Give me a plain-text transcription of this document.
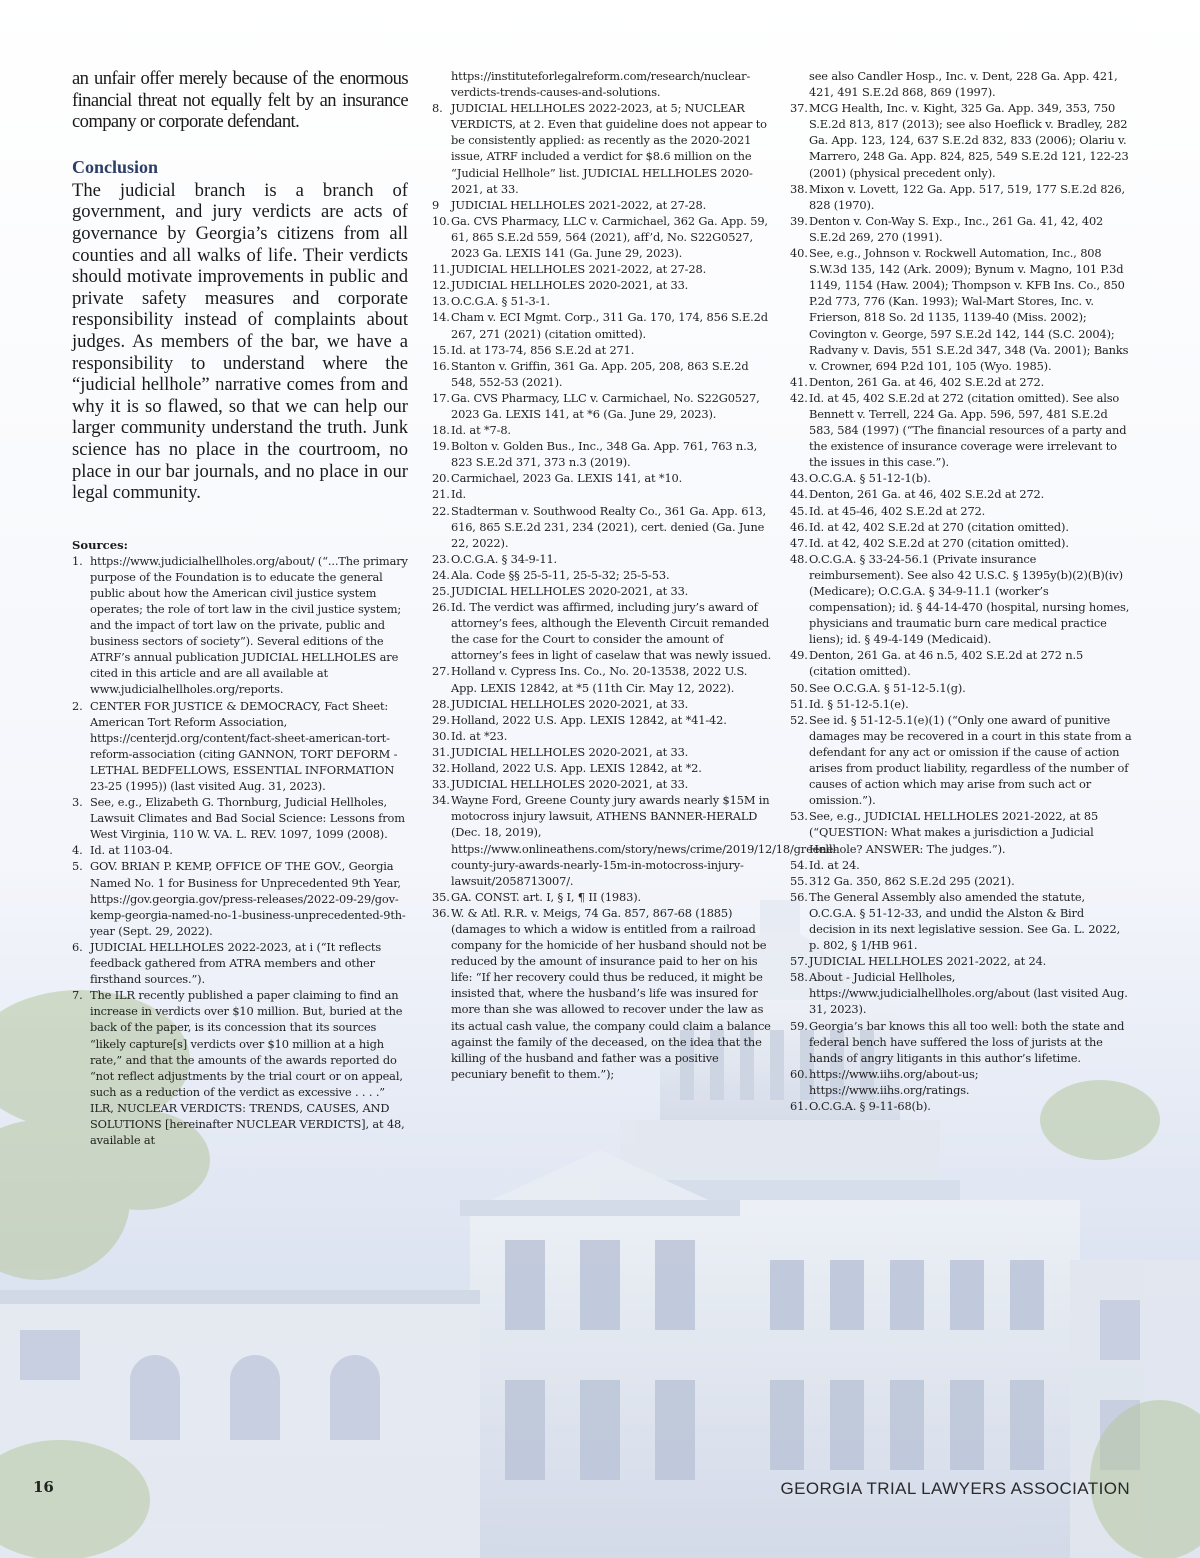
an unfair offer merely because of the enormous financial threat not equally felt by an insurance company or corporate defendant.

Conclusion

The judicial branch is a branch of government, and jury verdicts are acts of governance by Georgia’s citizens from all counties and all walks of life. Their verdicts should motivate improvements in public and private safety measures and corporate responsibility instead of complaints about judges. As members of the bar, we have a responsibility to understand where the “judicial hellhole” narrative comes from and why it is so flawed, so that we can help our larger community understand the truth. Junk science has no place in the courtroom, no place in our bar journals, and no place in our legal community.

Sources:
1. https://www.judicialhellholes.org/about/ (“...The primary purpose of the Foundation is to educate the general public about how the American civil justice system operates; the role of tort law in the civil justice system; and the impact of tort law on the private, public and business sectors of society”). Several editions of the ATRF’s annual publication JUDICIAL HELLHOLES are cited in this article and are all available at www.judicialhellholes.org/reports.
2. CENTER FOR JUSTICE & DEMOCRACY, Fact Sheet: American Tort Reform Association, https://centerjd.org/content/fact-sheet-american-tort-reform-association (citing GANNON, TORT DEFORM - LETHAL BEDFELLOWS, ESSENTIAL INFORMATION 23-25 (1995)) (last visited Aug. 31, 2023).
3. See, e.g., Elizabeth G. Thornburg, Judicial Hellholes, Lawsuit Climates and Bad Social Science: Lessons from West Virginia, 110 W. VA. L. REV. 1097, 1099 (2008).
4. Id. at 1103-04.
5. GOV. BRIAN P. KEMP, OFFICE OF THE GOV., Georgia Named No. 1 for Business for Unprecedented 9th Year, https://gov.georgia.gov/press-releases/2022-09-29/gov-kemp-georgia-named-no-1-business-unprecedented-9th-year (Sept. 29, 2022).
6. JUDICIAL HELLHOLES 2022-2023, at i (“It reflects feedback gathered from ATRA members and other firsthand sources.”).
7. The ILR recently published a paper claiming to find an increase in verdicts over $10 million. But, buried at the back of the paper, is its concession that its sources “likely capture[s] verdicts over $10 million at a high rate,” and that the amounts of the awards reported do “not reflect adjustments by the trial court or on appeal, such as a reduction of the verdict as excessive . . . .” ILR, NUCLEAR VERDICTS: TRENDS, CAUSES, AND SOLUTIONS [hereinafter NUCLEAR VERDICTS], at 48, available at
https://instituteforlegalreform.com/research/nuclear-verdicts-trends-causes-and-solutions.
8. JUDICIAL HELLHOLES 2022-2023, at 5; NUCLEAR VERDICTS, at 2. Even that guideline does not appear to be consistently applied: as recently as the 2020-2021 issue, ATRF included a verdict for $8.6 million on the “Judicial Hellhole” list. JUDICIAL HELLHOLES 2020-2021, at 33.
9 JUDICIAL HELLHOLES 2021-2022, at 27-28.
10. Ga. CVS Pharmacy, LLC v. Carmichael, 362 Ga. App. 59, 61, 865 S.E.2d 559, 564 (2021), aff’d, No. S22G0527, 2023 Ga. LEXIS 141 (Ga. June 29, 2023).
11. JUDICIAL HELLHOLES 2021-2022, at 27-28.
12. JUDICIAL HELLHOLES 2020-2021, at 33.
13. O.C.G.A. § 51-3-1.
14. Cham v. ECI Mgmt. Corp., 311 Ga. 170, 174, 856 S.E.2d 267, 271 (2021) (citation omitted).
15. Id. at 173-74, 856 S.E.2d at 271.
16. Stanton v. Griffin, 361 Ga. App. 205, 208, 863 S.E.2d 548, 552-53 (2021).
17. Ga. CVS Pharmacy, LLC v. Carmichael, No. S22G0527, 2023 Ga. LEXIS 141, at *6 (Ga. June 29, 2023).
18. Id. at *7-8.
19. Bolton v. Golden Bus., Inc., 348 Ga. App. 761, 763 n.3, 823 S.E.2d 371, 373 n.3 (2019).
20. Carmichael, 2023 Ga. LEXIS 141, at *10.
21. Id.
22. Stadterman v. Southwood Realty Co., 361 Ga. App. 613, 616, 865 S.E.2d 231, 234 (2021), cert. denied (Ga. June 22, 2022).
23. O.C.G.A. § 34-9-11.
24. Ala. Code §§ 25-5-11, 25-5-32; 25-5-53.
25. JUDICIAL HELLHOLES 2020-2021, at 33.
26. Id. The verdict was affirmed, including jury’s award of attorney’s fees, although the Eleventh Circuit remanded the case for the Court to consider the amount of attorney’s fees in light of caselaw that was newly issued.
27. Holland v. Cypress Ins. Co., No. 20-13538, 2022 U.S. App. LEXIS 12842, at *5 (11th Cir. May 12, 2022).
28. JUDICIAL HELLHOLES 2020-2021, at 33.
29. Holland, 2022 U.S. App. LEXIS 12842, at *41-42.
30. Id. at *23.
31. JUDICIAL HELLHOLES 2020-2021, at 33.
32. Holland, 2022 U.S. App. LEXIS 12842, at *2.
33. JUDICIAL HELLHOLES 2020-2021, at 33.
34. Wayne Ford, Greene County jury awards nearly $15M in motocross injury lawsuit, ATHENS BANNER-HERALD (Dec. 18, 2019), https://www.onlineathens.com/story/news/crime/2019/12/18/greene-county-jury-awards-nearly-15m-in-motocross-injury-lawsuit/2058713007/.
35. GA. CONST. art. I, § I, ¶ II (1983).
36. W. & Atl. R.R. v. Meigs, 74 Ga. 857, 867-68 (1885) (damages to which a widow is entitled from a railroad company for the homicide of her husband should not be reduced by the amount of insurance paid to her on his life: “If her recovery could thus be reduced, it might be insisted that, where the husband’s life was insured for more than she was allowed to recover under the law as its actual cash value, the company could claim a balance against the family of the deceased, on the idea that the killing of the husband and father was a positive pecuniary benefit to them.”);
see also Candler Hosp., Inc. v. Dent, 228 Ga. App. 421, 421, 491 S.E.2d 868, 869 (1997).
37. MCG Health, Inc. v. Kight, 325 Ga. App. 349, 353, 750 S.E.2d 813, 817 (2013); see also Hoeflick v. Bradley, 282 Ga. App. 123, 124, 637 S.E.2d 832, 833 (2006); Olariu v. Marrero, 248 Ga. App. 824, 825, 549 S.E.2d 121, 122-23 (2001) (physical precedent only).
38. Mixon v. Lovett, 122 Ga. App. 517, 519, 177 S.E.2d 826, 828 (1970).
39. Denton v. Con-Way S. Exp., Inc., 261 Ga. 41, 42, 402 S.E.2d 269, 270 (1991).
40. See, e.g., Johnson v. Rockwell Automation, Inc., 808 S.W.3d 135, 142 (Ark. 2009); Bynum v. Magno, 101 P.3d 1149, 1154 (Haw. 2004); Thompson v. KFB Ins. Co., 850 P.2d 773, 776 (Kan. 1993); Wal-Mart Stores, Inc. v. Frierson, 818 So. 2d 1135, 1139-40 (Miss. 2002); Covington v. George, 597 S.E.2d 142, 144 (S.C. 2004); Radvany v. Davis, 551 S.E.2d 347, 348 (Va. 2001); Banks v. Crowner, 694 P.2d 101, 105 (Wyo. 1985).
41. Denton, 261 Ga. at 46, 402 S.E.2d at 272.
42. Id. at 45, 402 S.E.2d at 272 (citation omitted). See also Bennett v. Terrell, 224 Ga. App. 596, 597, 481 S.E.2d 583, 584 (1997) (“The financial resources of a party and the existence of insurance coverage were irrelevant to the issues in this case.”).
43. O.C.G.A. § 51-12-1(b).
44. Denton, 261 Ga. at 46, 402 S.E.2d at 272.
45. Id. at 45-46, 402 S.E.2d at 272.
46. Id. at 42, 402 S.E.2d at 270 (citation omitted).
47. Id. at 42, 402 S.E.2d at 270 (citation omitted).
48. O.C.G.A. § 33-24-56.1 (Private insurance reimbursement). See also 42 U.S.C. § 1395y(b)(2)(B)(iv) (Medicare); O.C.G.A. § 34-9-11.1 (worker’s compensation); id. § 44-14-470 (hospital, nursing homes, physicians and traumatic burn care medical practice liens); id. § 49-4-149 (Medicaid).
49. Denton, 261 Ga. at 46 n.5, 402 S.E.2d at 272 n.5 (citation omitted).
50. See O.C.G.A. § 51-12-5.1(g).
51. Id. § 51-12-5.1(e).
52. See id. § 51-12-5.1(e)(1) (“Only one award of punitive damages may be recovered in a court in this state from a defendant for any act or omission if the cause of action arises from product liability, regardless of the number of causes of action which may arise from such act or omission.”).
53. See, e.g., JUDICIAL HELLHOLES 2021-2022, at 85 (“QUESTION: What makes a jurisdiction a Judicial Hellhole? ANSWER: The judges.”).
54. Id. at 24.
55. 312 Ga. 350, 862 S.E.2d 295 (2021).
56. The General Assembly also amended the statute, O.C.G.A. § 51-12-33, and undid the Alston & Bird decision in its next legislative session. See Ga. L. 2022, p. 802, § 1/HB 961.
57. JUDICIAL HELLHOLES 2021-2022, at 24.
58. About - Judicial Hellholes, https://www.judicialhellholes.org/about (last visited Aug. 31, 2023).
59. Georgia’s bar knows this all too well: both the state and federal bench have suffered the loss of jurists at the hands of angry litigants in this author’s lifetime.
60. https://www.iihs.org/about-us; https://www.iihs.org/ratings.
61. O.C.G.A. § 9-11-68(b).
16	GEORGIA TRIAL LAWYERS ASSOCIATION
